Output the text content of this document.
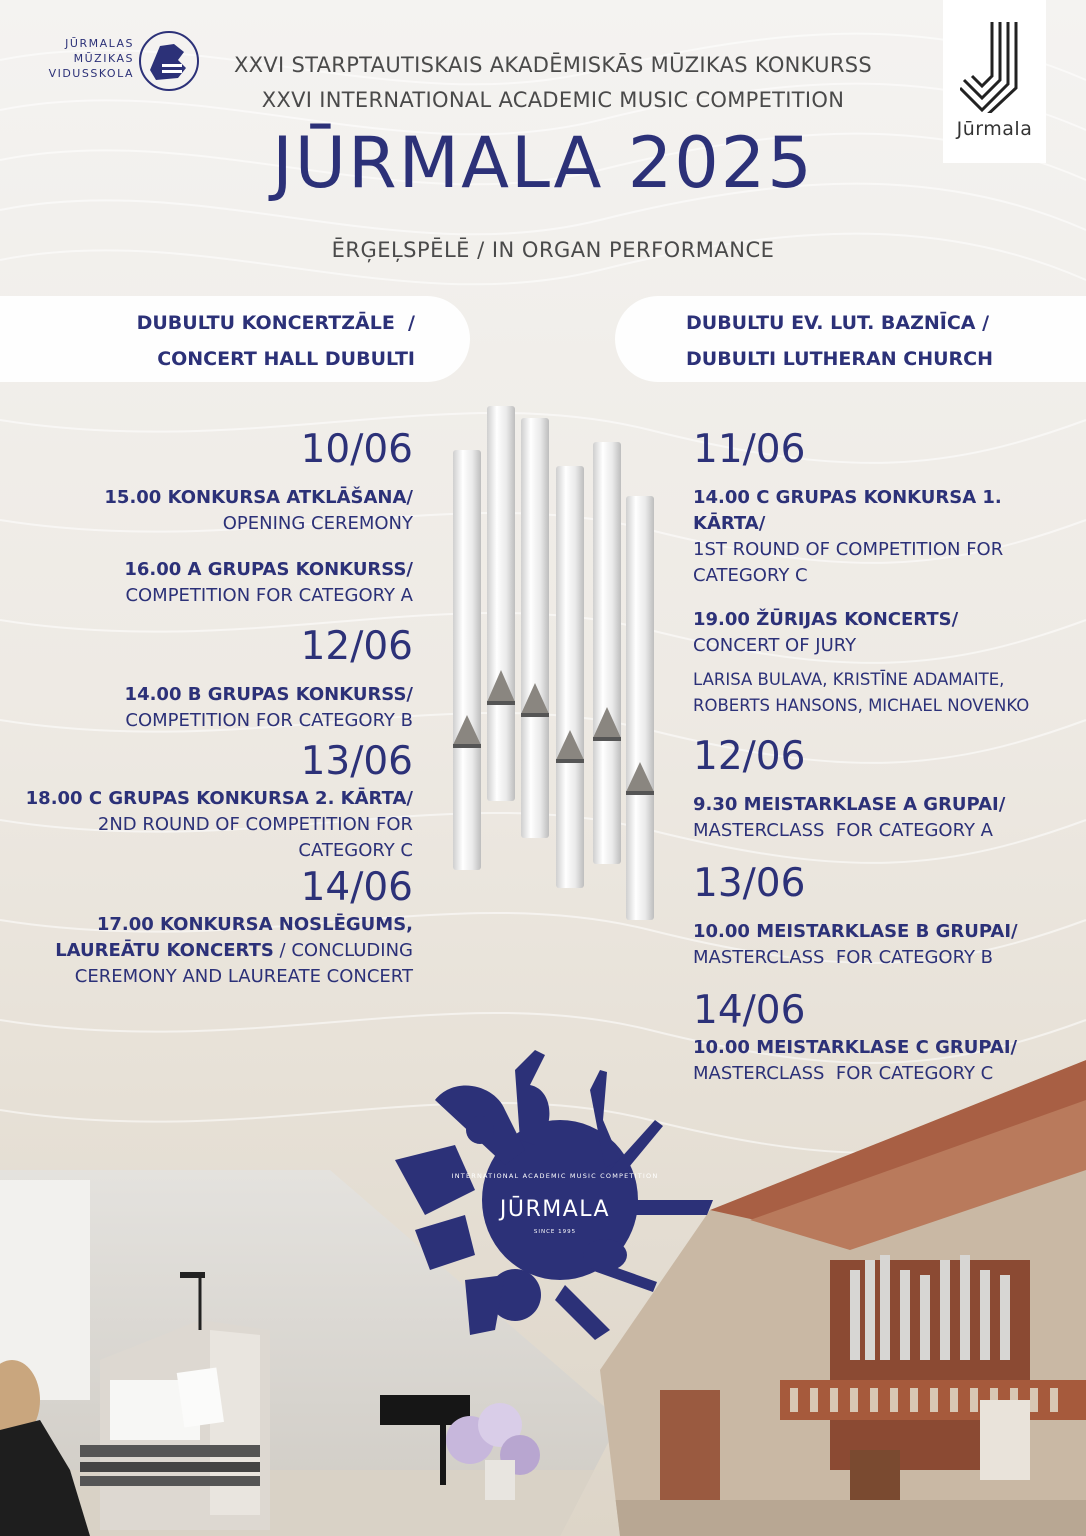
JŪRMALAS
MŪZIKAS
VIDUSSKOLA
Jūrmala
XXVI STARPTAUTISKAIS AKADĒMISKĀS MŪZIKAS KONKURSS
XXVI INTERNATIONAL ACADEMIC MUSIC COMPETITION
JŪRMALA 2025
ĒRĢEĻSPĒLĒ / IN ORGAN PERFORMANCE
DUBULTU KONCERTZĀLE  /
CONCERT HALL DUBULTI
DUBULTU EV. LUT. BAZNĪCA /
DUBULTI LUTHERAN CHURCH
10/06
15.00 KONKURSA ATKLĀŠANA/
OPENING CEREMONY
16.00 A GRUPAS KONKURSS/
COMPETITION FOR CATEGORY A
12/06
14.00 B GRUPAS KONKURSS/
COMPETITION FOR CATEGORY B
13/06
18.00 C GRUPAS KONKURSA 2. KĀRTA/
2ND ROUND OF COMPETITION FOR CATEGORY C
14/06
17.00 KONKURSA NOSLĒGUMS, LAUREĀTU KONCERTS / CONCLUDING CEREMONY AND LAUREATE CONCERT
11/06
14.00 C GRUPAS KONKURSA 1. KĀRTA/
1ST ROUND OF COMPETITION FOR CATEGORY C
19.00 ŽŪRIJAS KONCERTS/
CONCERT OF JURY
LARISA BULAVA, KRISTĪNE ADAMAITE, ROBERTS HANSONS, MICHAEL NOVENKO
12/06
9.30 MEISTARKLASE A GRUPAI/
MASTERCLASS  FOR CATEGORY A
13/06
10.00 MEISTARKLASE B GRUPAI/
MASTERCLASS  FOR CATEGORY B
14/06
10.00 MEISTARKLASE C GRUPAI/
MASTERCLASS  FOR CATEGORY C
INTERNATIONAL ACADEMIC MUSIC COMPETITION
JŪRMALA
SINCE 1995
